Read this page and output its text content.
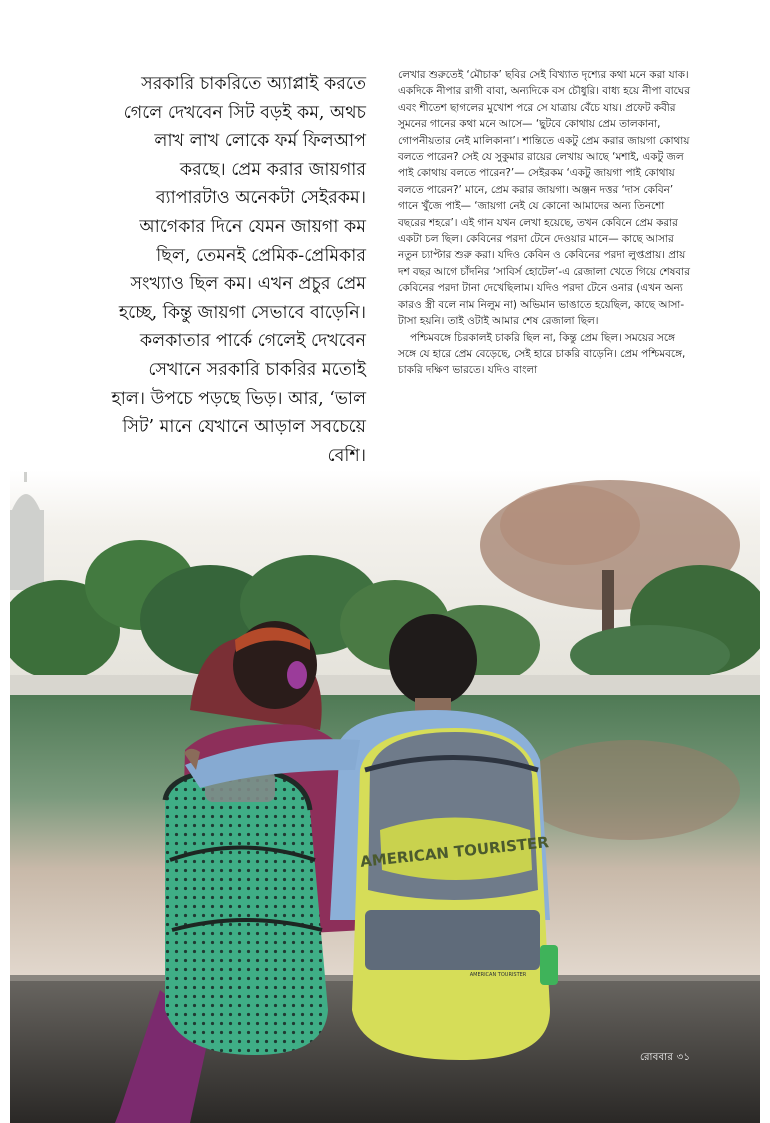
সরকারি চাকরিতে অ্যাপ্লাই করতে গেলে দেখবেন সিট বড়ই কম, অথচ লাখ লাখ লোকে ফর্ম ফিলআপ করছে। প্রেম করার জায়গার ব্যাপারটাও অনেকটা সেইরকম। আগেকার দিনে যেমন জায়গা কম ছিল, তেমনই প্রেমিক-প্রেমিকার সংখ্যাও ছিল কম। এখন প্রচুর প্রেম হচ্ছে, কিন্তু জায়গা সেভাবে বাড়েনি। কলকাতার পার্কে গেলেই দেখবেন সেখানে সরকারি চাকরির মতোই হাল। উপচে পড়ছে ভিড়। আর, ‘ভাল সিট’ মানে যেখানে আড়াল সবচেয়ে বেশি।

লেখার শুরুতেই ‘মৌচাক’ ছবির সেই বিখ্যাত দৃশ্যের কথা মনে করা যাক। একদিকে নীপার রাগী বাবা, অন্যদিকে বস চৌধুরি। বাধ্য হয়ে নীপা বাঘের এবং শীতেশ ছাগলের মুখোশ পরে সে যাত্রায় বেঁচে যায়। প্রফেট কবীর সুমনের গানের কথা মনে আসে— ‘ছুটবে কোথায় প্রেম তালকানা, গোপনীয়তার নেই মালিকানা’। শান্তিতে একটু প্রেম করার জায়গা কোথায় বলতে পারেন? সেই যে সুকুমার রায়ের লেখায় আছে ‘মশাই, একটু জল পাই কোথায় বলতে পারেন?’— সেইরকম ‘একটু জায়গা পাই কোথায় বলতে পারেন?’ মানে, প্রেম করার জায়গা। অঞ্জন দত্তর ‘দাস কেবিন’ গানে খুঁজে পাই— ‘জায়গা নেই যে কোনো আমাদের অন্য তিনশো বছরের শহরে’। এই গান যখন লেখা হয়েছে, তখন কেবিনে প্রেম করার একটা চল ছিল। কেবিনের পরদা টেনে দেওয়ার মানে— কাছে আসার নতুন চ্যাপ্টার শুরু করা। যদিও কেবিন ও কেবিনের পরদা লুপ্তপ্রায়। প্রায় দশ বছর আগে চাঁদনির ‘সাবির্স হোটেল’-এ রেজালা খেতে গিয়ে শেষবার কেবিনের পরদা টানা দেখেছিলাম। যদিও পরদা টেনে ওনার (এখন অন্য কারও স্ত্রী বলে নাম নিলুম না) অভিমান ভাঙাতে হয়েছিল, কাছে আসা-টাসা হয়নি। তাই ওটাই আমার শেষ রেজালা ছিল।

পশ্চিমবঙ্গে চিরকালই চাকরি ছিল না, কিন্তু প্রেম ছিল। সময়ের সঙ্গে সঙ্গে যে হারে প্রেম বেড়েছে, সেই হারে চাকরি বাড়েনি। প্রেম পশ্চিমবঙ্গে, চাকরি দক্ষিণ ভারতে। যদিও বাংলা

AMERICAN TOURISTER
AMERICAN TOURISTER
রোববার ৩১
